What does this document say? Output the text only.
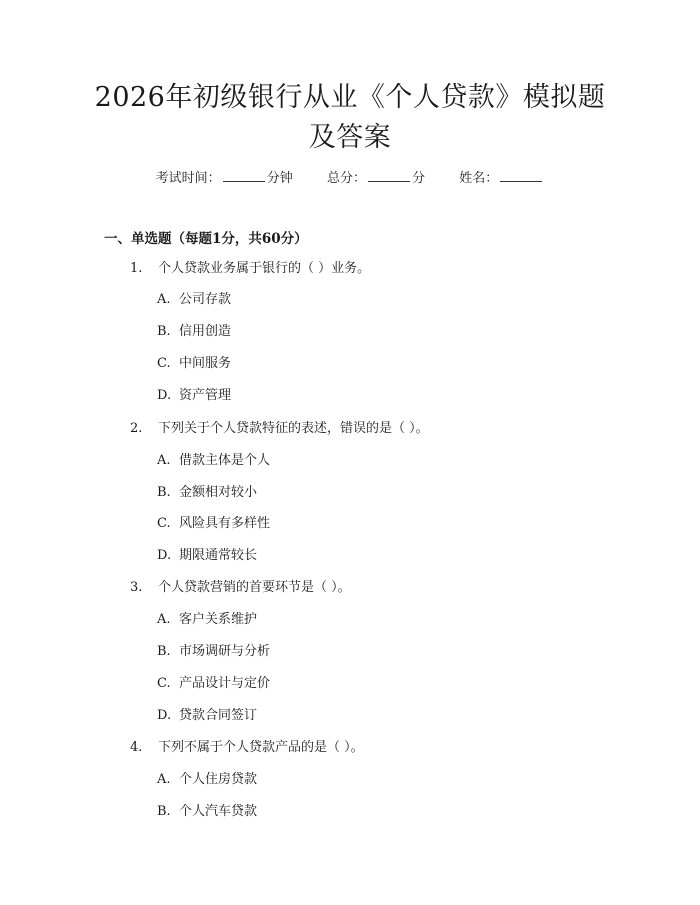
2026年初级银行从业《个人贷款》模拟题及答案
考试时间：	分钟	总分：	分	姓名：
一、单选题（每题1分，共60分）
1. 个人贷款业务属于银行的（ ）业务。
A. 公司存款
B. 信用创造
C. 中间服务
D. 资产管理
2. 下列关于个人贷款特征的表述，错误的是（ ）。
A. 借款主体是个人
B. 金额相对较小
C. 风险具有多样性
D. 期限通常较长
3. 个人贷款营销的首要环节是（ ）。
A. 客户关系维护
B. 市场调研与分析
C. 产品设计与定价
D. 贷款合同签订
4. 下列不属于个人贷款产品的是（ ）。
A. 个人住房贷款
B. 个人汽车贷款
